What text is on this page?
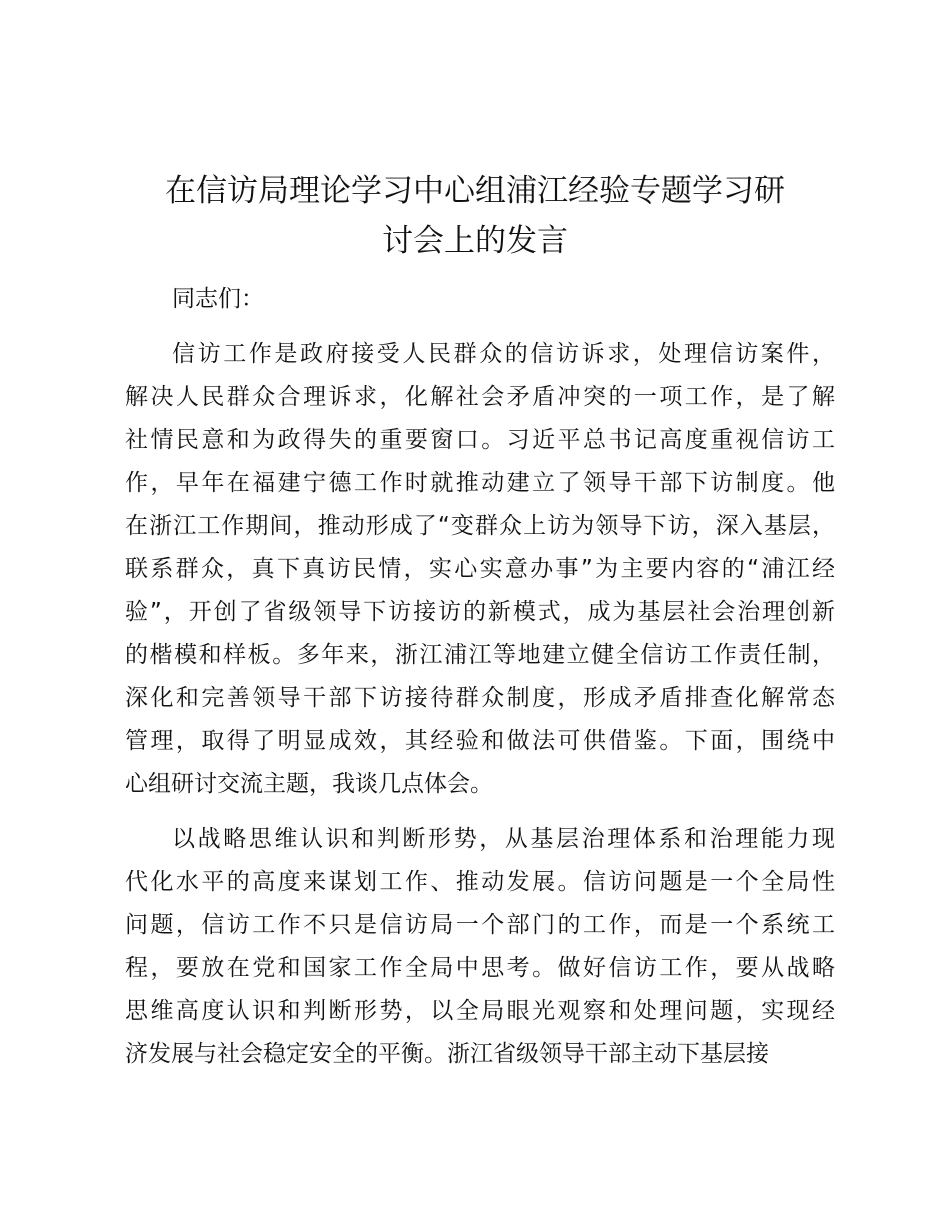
在信访局理论学习中心组浦江经验专题学习研
讨会上的发言
同志们：
信访工作是政府接受人民群众的信访诉求，处理信访案件，
解决人民群众合理诉求，化解社会矛盾冲突的一项工作，是了解
社情民意和为政得失的重要窗口。习近平总书记高度重视信访工
作，早年在福建宁德工作时就推动建立了领导干部下访制度。他
在浙江工作期间，推动形成了“变群众上访为领导下访，深入基层，
联系群众，真下真访民情，实心实意办事”为主要内容的“浦江经
验”，开创了省级领导下访接访的新模式，成为基层社会治理创新
的楷模和样板。多年来，浙江浦江等地建立健全信访工作责任制，
深化和完善领导干部下访接待群众制度，形成矛盾排查化解常态
管理，取得了明显成效，其经验和做法可供借鉴。下面，围绕中
心组研讨交流主题，我谈几点体会。
以战略思维认识和判断形势，从基层治理体系和治理能力现
代化水平的高度来谋划工作、推动发展。信访问题是一个全局性
问题，信访工作不只是信访局一个部门的工作，而是一个系统工
程，要放在党和国家工作全局中思考。做好信访工作，要从战略
思维高度认识和判断形势，以全局眼光观察和处理问题，实现经
济发展与社会稳定安全的平衡。浙江省级领导干部主动下基层接
